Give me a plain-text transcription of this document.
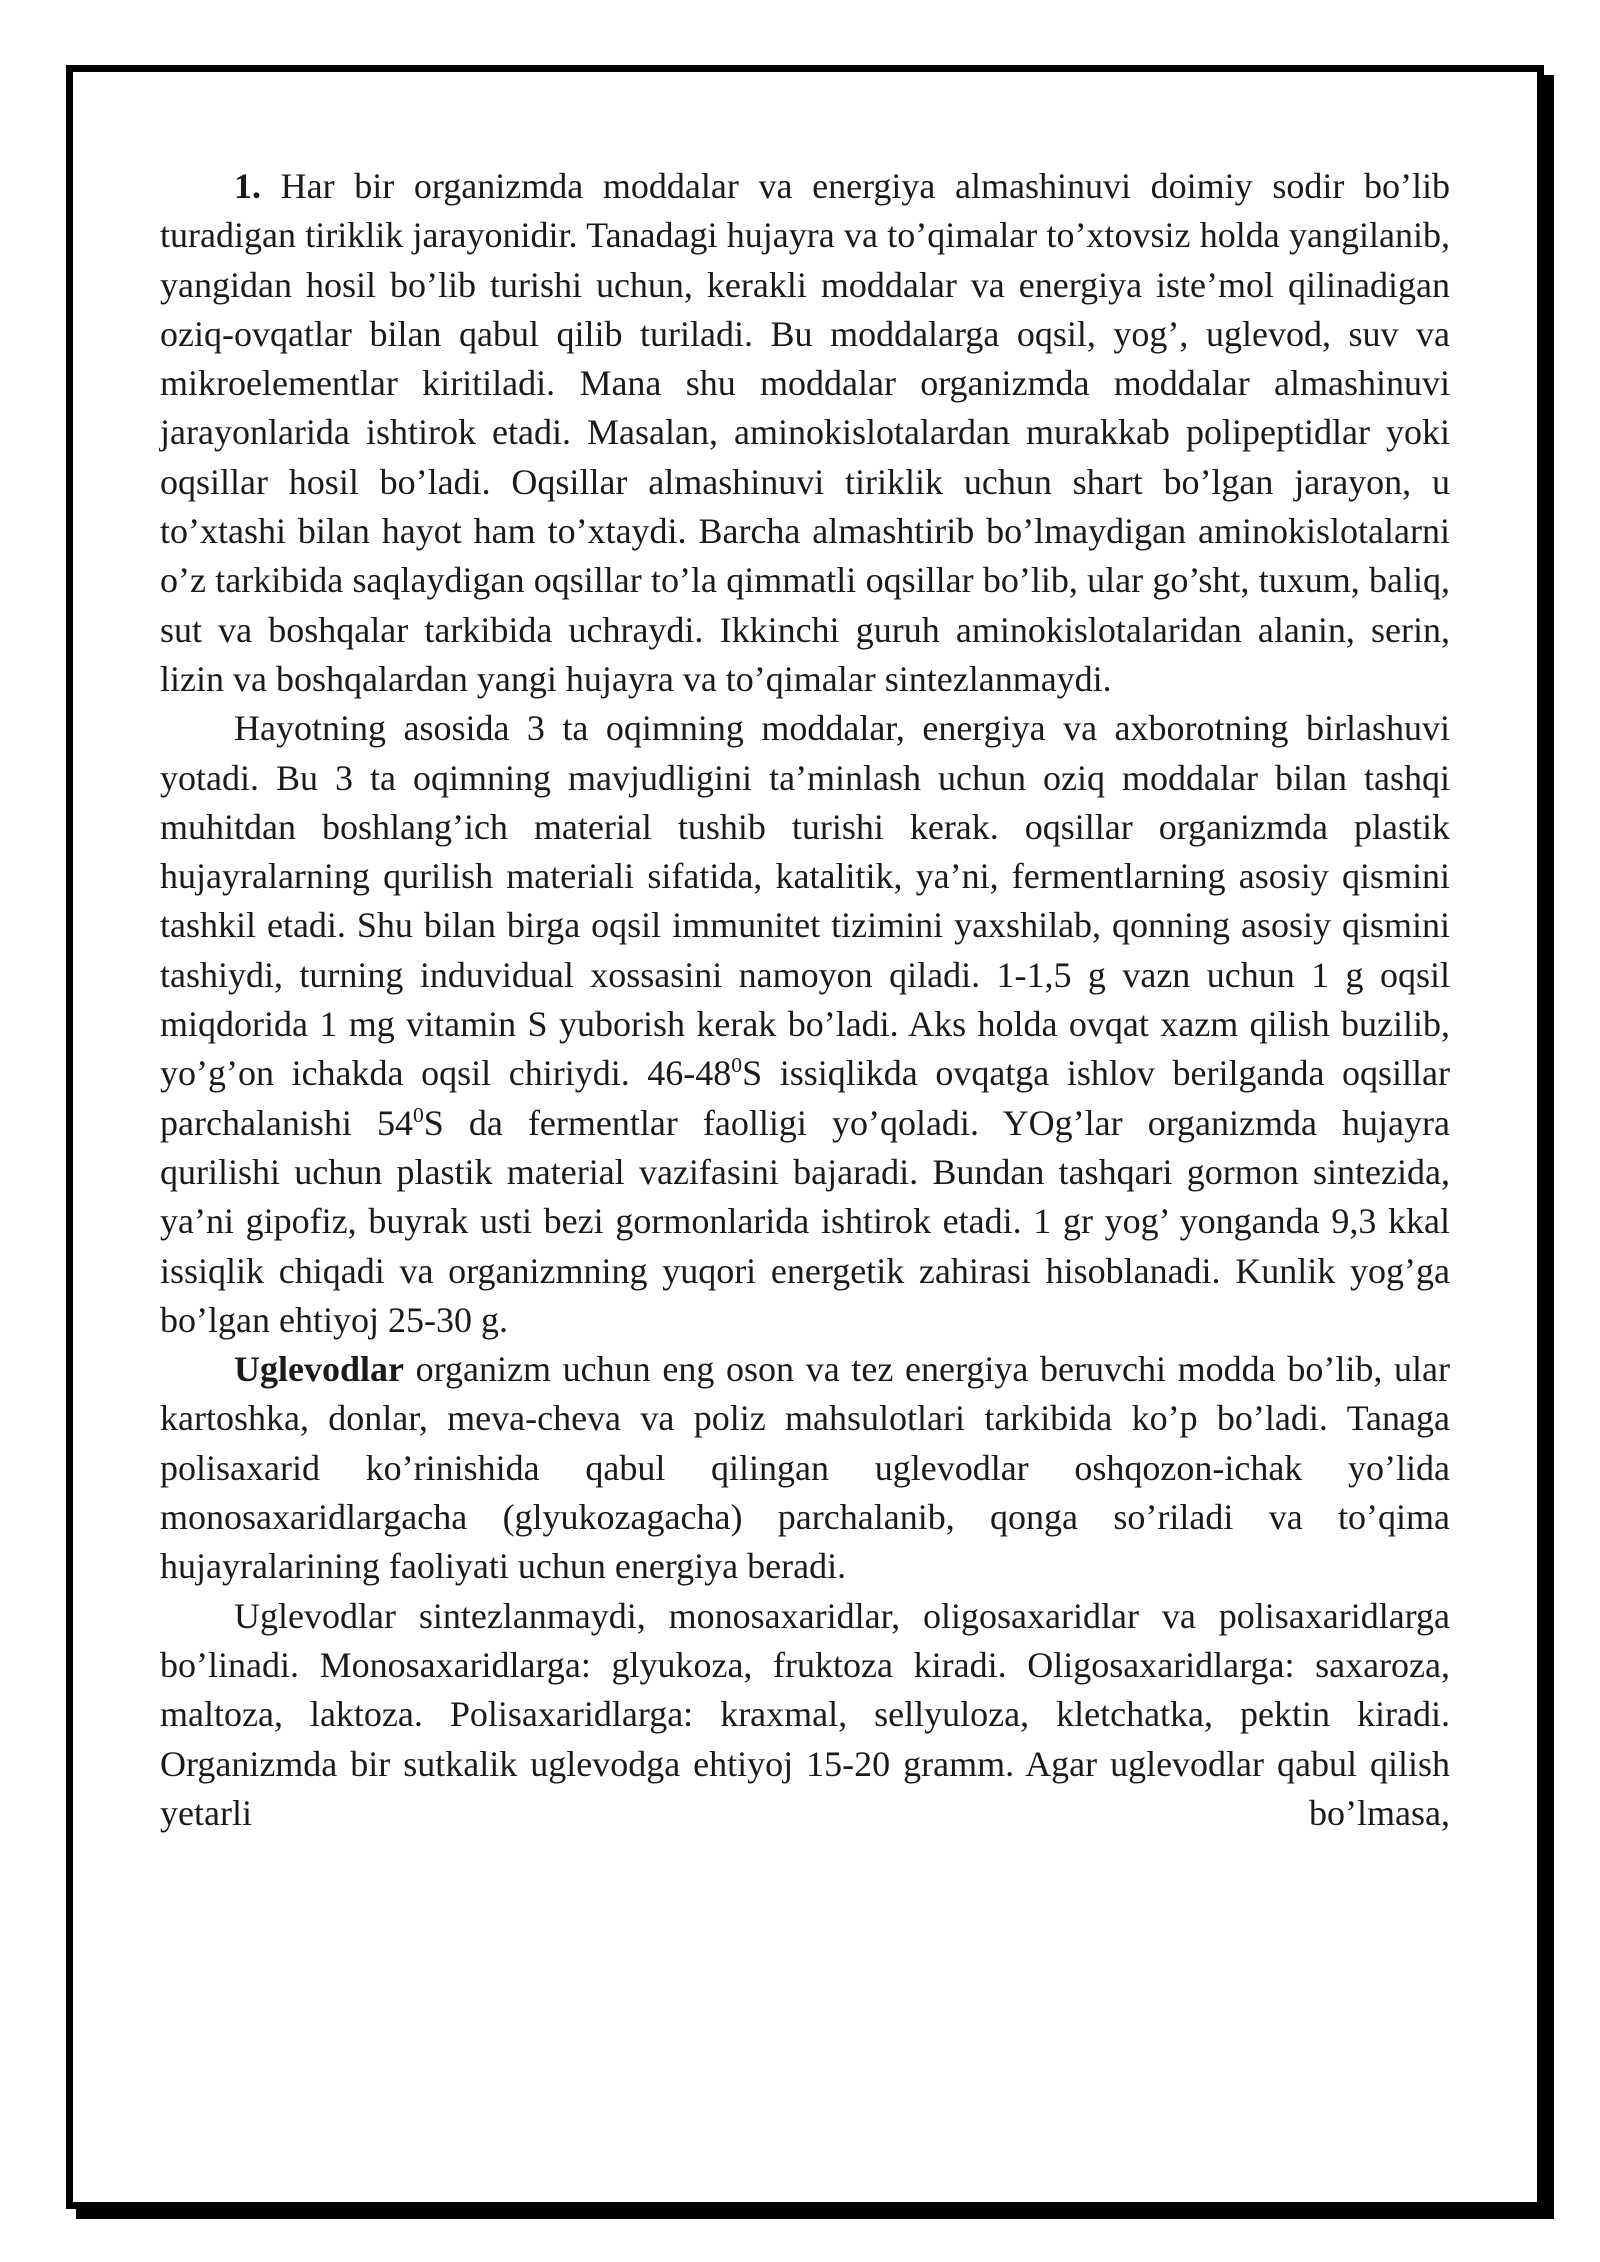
1. Har bir organizmda moddalar va energiya almashinuvi doimiy sodir bo’lib turadigan tiriklik jarayonidir. Tanadagi hujayra va to’qimalar to’xtovsiz holda yangilanib, yangidan hosil bo’lib turishi uchun, kerakli moddalar va energiya iste’mol qilinadigan oziq-ovqatlar bilan qabul qilib turiladi. Bu moddalarga oqsil, yog’, uglevod, suv va mikroelementlar kiritiladi. Mana shu moddalar organizmda moddalar almashinuvi jarayonlarida ishtirok etadi. Masalan, aminokislotalardan murakkab polipeptidlar yoki oqsillar hosil bo’ladi. Oqsillar almashinuvi tiriklik uchun shart bo’lgan jarayon, u to’xtashi bilan hayot ham to’xtaydi. Barcha almashtirib bo’lmaydigan aminokislotalarni o’z tarkibida saqlaydigan oqsillar to’la qimmatli oqsillar bo’lib, ular go’sht, tuxum, baliq, sut va boshqalar tarkibida uchraydi. Ikkinchi guruh aminokislotalaridan alanin, serin, lizin va boshqalardan yangi hujayra va to’qimalar sintezlanmaydi.

Hayotning asosida 3 ta oqimning moddalar, energiya va axborotning birlashuvi yotadi. Bu 3 ta oqimning mavjudligini ta’minlash uchun oziq moddalar bilan tashqi muhitdan boshlang’ich material tushib turishi kerak. oqsillar organizmda plastik hujayralarning qurilish materiali sifatida, katalitik, ya’ni, fermentlarning asosiy qismini tashkil etadi. Shu bilan birga oqsil immunitet tizimini yaxshilab, qonning asosiy qismini tashiydi, turning induvidual xossasini namoyon qiladi. 1-1,5 g vazn uchun 1 g oqsil miqdorida 1 mg vitamin S yuborish kerak bo’ladi. Aks holda ovqat xazm qilish buzilib, yo’g’on ichakda oqsil chiriydi. $46-48^0S$ issiqlikda ovqatga ishlov berilganda oqsillar parchalanishi $54^0S$ da fermentlar faolligi yo’qoladi. YOg’lar organizmda hujayra qurilishi uchun plastik material vazifasini bajaradi. Bundan tashqari gormon sintezida, ya’ni gipofiz, buyrak usti bezi gormonlarida ishtirok etadi. 1 gr yog’ yonganda 9,3 kkal issiqlik chiqadi va organizmning yuqori energetik zahirasi hisoblanadi. Kunlik yog’ga bo’lgan ehtiyoj 25-30 g.

Uglevodlar organizm uchun eng oson va tez energiya beruvchi modda bo’lib, ular kartoshka, donlar, meva-cheva va poliz mahsulotlari tarkibida ko’p bo’ladi. Tanaga polisaxarid ko’rinishida qabul qilingan uglevodlar oshqozon-ichak yo’lida monosaxaridlargacha (glyukozagacha) parchalanib, qonga so’riladi va to’qima hujayralarining faoliyati uchun energiya beradi.

Uglevodlar sintezlanmaydi, monosaxaridlar, oligosaxaridlar va polisaxaridlarga bo’linadi. Monosaxaridlarga: glyukoza, fruktoza kiradi. Oligosaxaridlarga: saxaroza, maltoza, laktoza. Polisaxaridlarga: kraxmal, sellyuloza, kletchatka, pektin kiradi. Organizmda bir sutkalik uglevodga ehtiyoj 15-20 gramm. Agar uglevodlar qabul qilish yetarli bo’lmasa,
